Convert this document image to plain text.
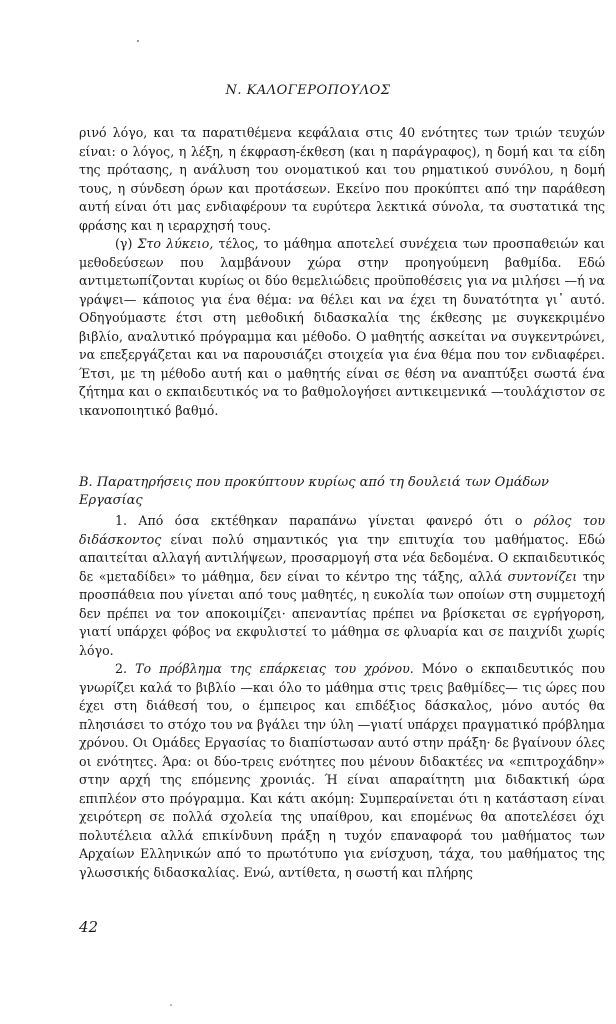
Ν. ΚΑΛΟΓΕΡΟΠΟΥΛΟΣ

ρινό λόγο, και τα παρατιθέμενα κεφάλαια στις 40 ενότητες των τριών τευχών είναι: ο λόγος, η λέξη, η έκφραση-έκθεση (και η παράγραφος), η δομή και τα είδη της πρότασης, η ανάλυση του ονοματικού και του ρηματικού συνόλου, η δομή τους, η σύνδεση όρων και προτάσεων. Εκείνο που προκύπτει από την παράθεση αυτή είναι ότι μας ενδιαφέρουν τα ευρύτερα λεκτικά σύνολα, τα συστατικά της φράσης και η ιεραρχησή τους.

(γ) Στο λύκειο, τέλος, το μάθημα αποτελεί συνέχεια των προσπαθειών και μεθοδεύσεων που λαμβάνουν χώρα στην προηγούμενη βαθμίδα. Εδώ αντιμετωπίζονται κυρίως οι δύο θεμελιώδεις προϋποθέσεις για να μιλήσει —ή να γράψει— κάποιος για ένα θέμα: να θέλει και να έχει τη δυνατότητα γι᾽ αυτό. Οδηγούμαστε έτσι στη μεθοδική διδασκαλία της έκθεσης με συγκεκριμένο βιβλίο, αναλυτικό πρόγραμμα και μέθοδο. Ο μαθητής ασκείται να συγκεντρώνει, να επεξεργάζεται και να παρουσιάζει στοιχεία για ένα θέμα που τον ενδιαφέρει. Έτσι, με τη μέθοδο αυτή και ο μαθητής είναι σε θέση να αναπτύξει σωστά ένα ζήτημα και ο εκπαιδευτικός να το βαθμολογήσει αντικειμενικά —τουλάχιστον σε ικανοποιητικό βαθμό.

Β. Παρατηρήσεις που προκύπτουν κυρίως από τη δουλειά των Ομάδων Εργασίας

1. Από όσα εκτέθηκαν παραπάνω γίνεται φανερό ότι ο ρόλος του διδάσκοντος είναι πολύ σημαντικός για την επιτυχία του μαθήματος. Εδώ απαιτείται αλλαγή αντιλήψεων, προσαρμογή στα νέα δεδομένα. Ο εκπαιδευτικός δε «μεταδίδει» το μάθημα, δεν είναι το κέντρο της τάξης, αλλά συντονίζει την προσπάθεια που γίνεται από τους μαθητές, η ευκολία των οποίων στη συμμετοχή δεν πρέπει να τον αποκοιμίζει· απεναντίας πρέπει να βρίσκεται σε εγρήγορση, γιατί υπάρχει φόβος να εκφυλιστεί το μάθημα σε φλυαρία και σε παιχνίδι χωρίς λόγο.

2. Το πρόβλημα της επάρκειας του χρόνου. Μόνο ο εκπαιδευτικός που γνωρίζει καλά το βιβλίο —και όλο το μάθημα στις τρεις βαθμίδες— τις ώρες που έχει στη διάθεσή του, ο έμπειρος και επιδέξιος δάσκαλος, μόνο αυτός θα πλησιάσει το στόχο του να βγάλει την ύλη —γιατί υπάρχει πραγματικό πρόβλημα χρόνου. Οι Ομάδες Εργασίας το διαπίστωσαν αυτό στην πράξη· δε βγαίνουν όλες οι ενότητες. Άρα: οι δύο-τρεις ενότητες που μένουν διδακτέες να «επιτροχάδην» στην αρχή της επόμενης χρονιάς. Ή είναι απαραίτητη μια διδακτική ώρα επιπλέον στο πρόγραμμα. Και κάτι ακόμη: Συμπεραίνεται ότι η κατάσταση είναι χειρότερη σε πολλά σχολεία της υπαίθρου, και επομένως θα αποτελέσει όχι πολυτέλεια αλλά επικίνδυνη πράξη η τυχόν επαναφορά του μαθήματος των Αρχαίων Ελληνικών από το πρωτότυπο για ενίσχυση, τάχα, του μαθήματος της γλωσσικής διδασκαλίας. Ενώ, αντίθετα, η σωστή και πλήρης

42
